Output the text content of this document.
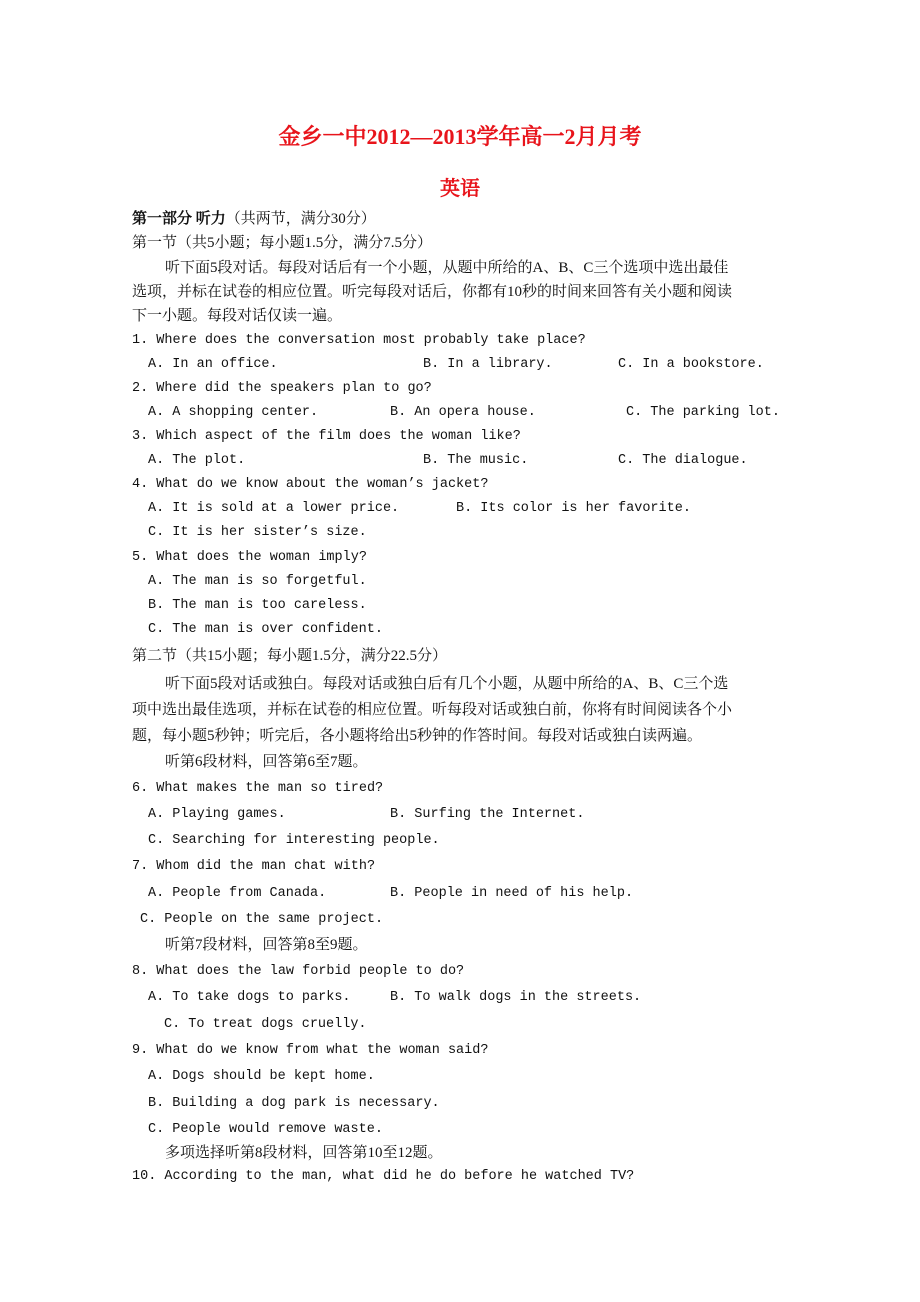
金乡一中2012—2013学年高一2月月考
英语
第一部分 听力（共两节，满分30分）
第一节（共5小题；每小题1.5分，满分7.5分）
听下面5段对话。每段对话后有一个小题，从题中所给的A、B、C三个选项中选出最佳
选项，并标在试卷的相应位置。听完每段对话后，你都有10秒的时间来回答有关小题和阅读
下一小题。每段对话仅读一遍。
1. Where does the conversation most probably take place?
A. In an office.	B. In a library.	C. In a bookstore.
2. Where did the speakers plan to go?
A. A shopping center.	B. An opera house.	C. The parking lot.
3. Which aspect of the film does the woman like?
A. The plot.	B. The music.	C. The dialogue.
4. What do we know about the woman’s jacket?
A. It is sold at a lower price.	B. Its color is her favorite.
C. It is her sister’s size.
5. What does the woman imply?
A. The man is so forgetful.
B. The man is too careless.
C. The man is over confident.
第二节（共15小题；每小题1.5分，满分22.5分）
听下面5段对话或独白。每段对话或独白后有几个小题，从题中所给的A、B、C三个选
项中选出最佳选项，并标在试卷的相应位置。听每段对话或独白前，你将有时间阅读各个小
题，每小题5秒钟；听完后，各小题将给出5秒钟的作答时间。每段对话或独白读两遍。
听第6段材料，回答第6至7题。
6. What makes the man so tired?
A. Playing games.	B. Surfing the Internet.
C. Searching for interesting people.
7. Whom did the man chat with?
A. People from Canada.	B. People in need of his help.
C. People on the same project.
听第7段材料，回答第8至9题。
8. What does the law forbid people to do?
A. To take dogs to parks.	B. To walk dogs in the streets.
C. To treat dogs cruelly.
9. What do we know from what the woman said?
A. Dogs should be kept home.
B. Building a dog park is necessary.
C. People would remove waste.
多项选择听第8段材料，回答第10至12题。
10. According to the man, what did he do before he watched TV?
